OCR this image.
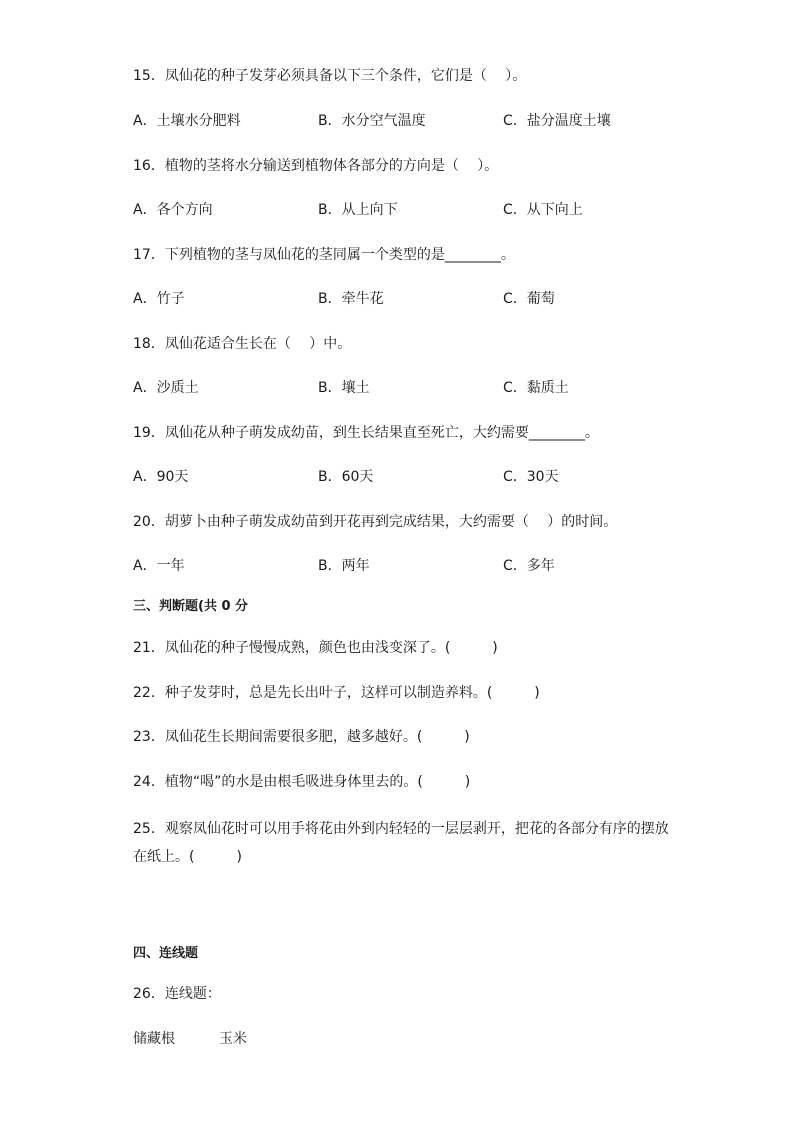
15．凤仙花的种子发芽必须具备以下三个条件，它们是（　 ）。
A．土壤水分肥料	B．水分空气温度	C．盐分温度土壤
16．植物的茎将水分输送到植物体各部分的方向是（　 ）。
A．各个方向	B．从上向下	C．从下向上
17．下列植物的茎与凤仙花的茎同属一个类型的是________。
A．竹子	B．牵牛花	C．葡萄
18．凤仙花适合生长在（　 ）中。
A．沙质土	B．壤土	C．黏质土
19．凤仙花从种子萌发成幼苗，到生长结果直至死亡，大约需要________。
A．90天	B．60天	C．30天
20．胡萝卜由种子萌发成幼苗到开花再到完成结果，大约需要（　 ）的时间。
A．一年	B．两年	C．多年
三、判断题(共 0 分
21．凤仙花的种子慢慢成熟，颜色也由浅变深了。(　　　)
22．种子发芽时，总是先长出叶子，这样可以制造养料。(　　　)
23．凤仙花生长期间需要很多肥，越多越好。(　　　)
24．植物“喝”的水是由根毛吸进身体里去的。(　　　)
25．观察凤仙花时可以用手将花由外到内轻轻的一层层剥开，把花的各部分有序的摆放在纸上。(　　　)
四、连线题
26．连线题：
储藏根	玉米
